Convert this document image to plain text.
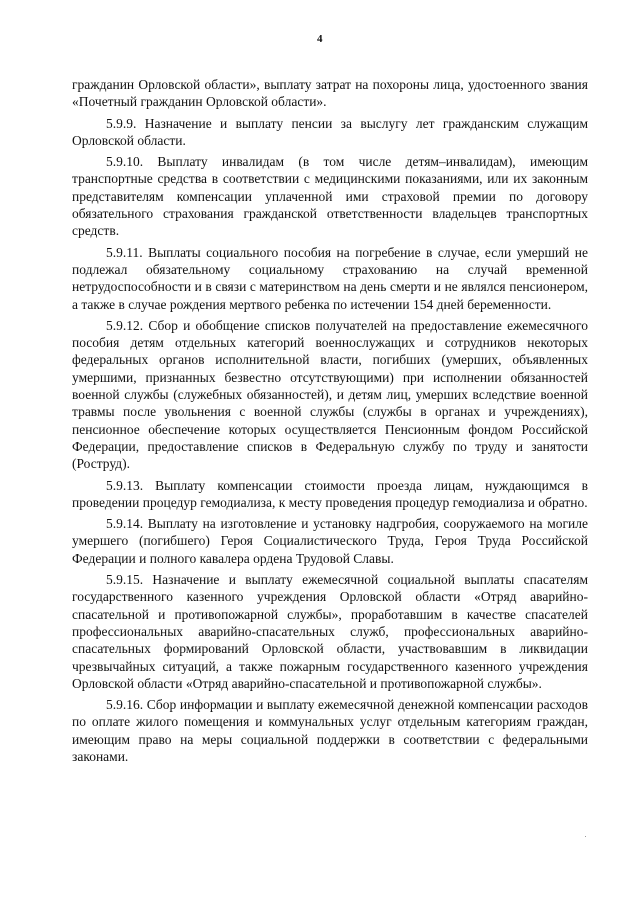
4

гражданин Орловской области», выплату затрат на похороны лица, удостоенного звания «Почетный гражданин Орловской области».

5.9.9. Назначение и выплату пенсии за выслугу лет гражданским служащим Орловской области.

5.9.10. Выплату инвалидам (в том числе детям–инвалидам), имеющим транспортные средства в соответствии с медицинскими показаниями, или их законным представителям компенсации уплаченной ими страховой премии по договору обязательного страхования гражданской ответственности владельцев транспортных средств.

5.9.11. Выплаты социального пособия на погребение в случае, если умерший не подлежал обязательному социальному страхованию на случай временной нетрудоспособности и в связи с материнством на день смерти и не являлся пенсионером, а также в случае рождения мертвого ребенка по истечении 154 дней беременности.

5.9.12. Сбор и обобщение списков получателей на предоставление ежемесячного пособия детям отдельных категорий военнослужащих и сотрудников некоторых федеральных органов исполнительной власти, погибших (умерших, объявленных умершими, признанных безвестно отсутствующими) при исполнении обязанностей военной службы (служебных обязанностей), и детям лиц, умерших вследствие военной травмы после увольнения с военной службы (службы в органах и учреждениях), пенсионное обеспечение которых осуществляется Пенсионным фондом Российской Федерации, предоставление списков в Федеральную службу по труду и занятости (Роструд).

5.9.13. Выплату компенсации стоимости проезда лицам, нуждающимся в проведении процедур гемодиализа, к месту проведения процедур гемодиализа и обратно.

5.9.14. Выплату на изготовление и установку надгробия, сооружаемого на могиле умершего (погибшего) Героя Социалистического Труда, Героя Труда Российской Федерации и полного кавалера ордена Трудовой Славы.

5.9.15. Назначение и выплату ежемесячной социальной выплаты спасателям государственного казенного учреждения Орловской области «Отряд аварийно-спасательной и противопожарной службы», проработавшим в качестве спасателей профессиональных аварийно-спасательных служб, профессиональных аварийно-спасательных формирований Орловской области, участвовавшим в ликвидации чрезвычайных ситуаций, а также пожарным государственного казенного учреждения Орловской области «Отряд аварийно-спасательной и противопожарной службы».

5.9.16. Сбор информации и выплату ежемесячной денежной компенсации расходов по оплате жилого помещения и коммунальных услуг отдельным категориям граждан, имеющим право на меры социальной поддержки в соответствии с федеральными законами.
